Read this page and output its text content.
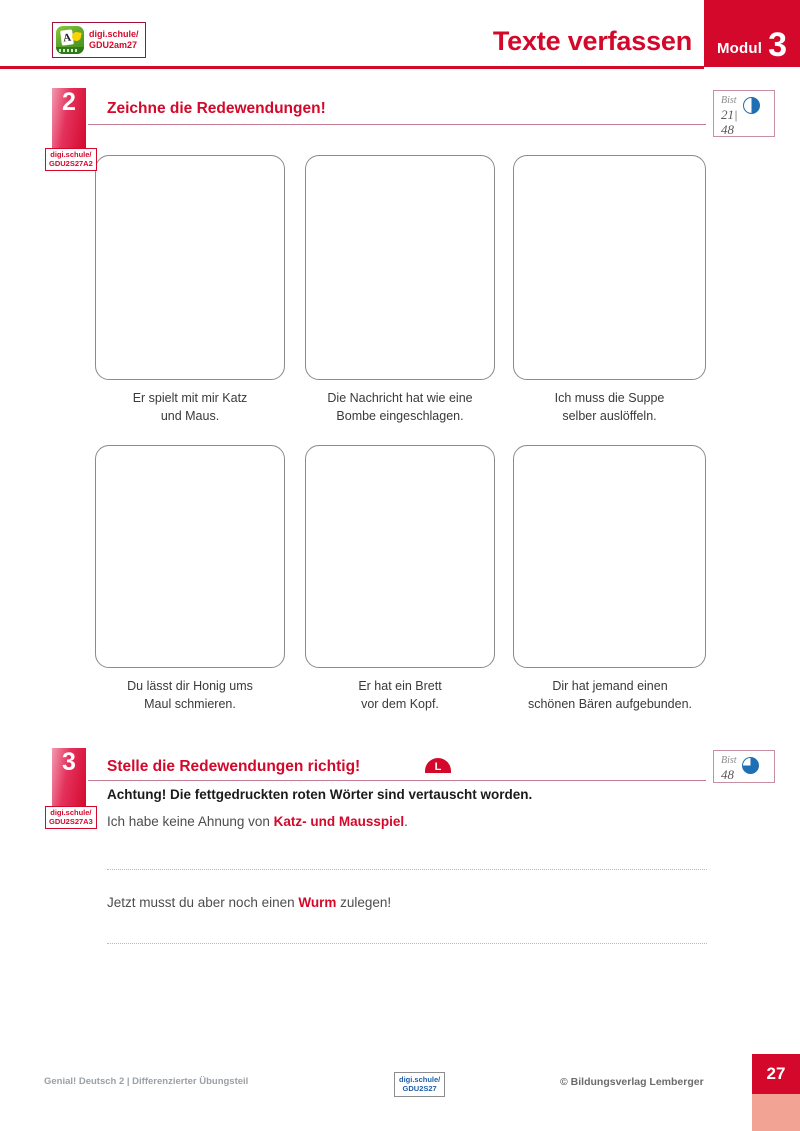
Modul 3
Texte verfassen
A digi.schule/
GDU2am27
2	Zeichne die Redewendungen!
digi.schule/
GDU2S27A2
Bist
21|
48
Er spielt mit mir Katz
und Maus.
Die Nachricht hat wie eine
Bombe eingeschlagen.
Ich muss die Suppe
selber auslöffeln.
Du lässt dir Honig ums
Maul schmieren.
Er hat ein Brett
vor dem Kopf.
Dir hat jemand einen
schönen Bären aufgebunden.
3	Stelle die Redewendungen richtig!	L
digi.schule/
GDU2S27A3
Bist
48
Achtung! Die fettgedruckten roten Wörter sind vertauscht worden.
Ich habe keine Ahnung von Katz- und Mausspiel.
Jetzt musst du aber noch einen Wurm zulegen!
Genial! Deutsch 2 | Differenzierter Übungsteil	digi.schule/
GDU2S27
© Bildungsverlag Lemberger	27
